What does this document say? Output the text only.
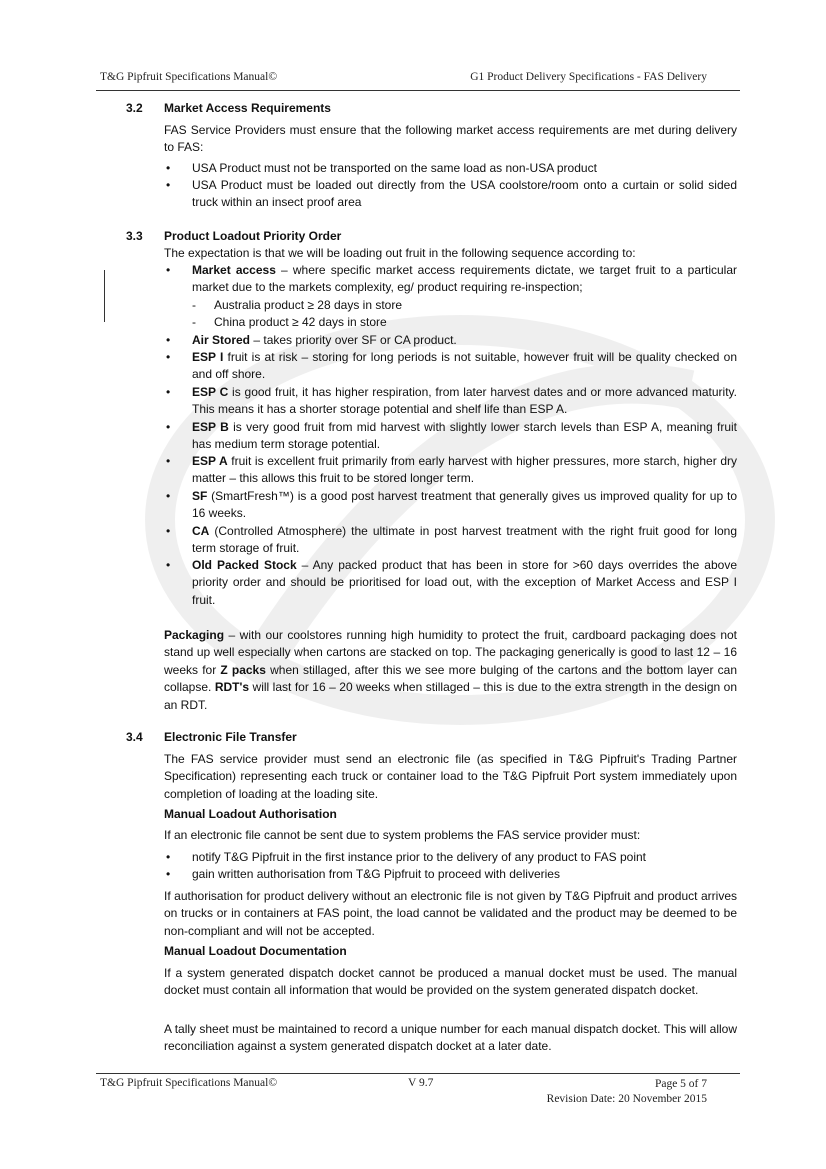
T&G Pipfruit Specifications Manual©	G1 Product Delivery Specifications - FAS Delivery
3.2 Market Access Requirements
FAS Service Providers must ensure that the following market access requirements are met during delivery to FAS:
• USA Product must not be transported on the same load as non-USA product
• USA Product must be loaded out directly from the USA coolstore/room onto a curtain or solid sided truck within an insect proof area
3.3 Product Loadout Priority Order
The expectation is that we will be loading out fruit in the following sequence according to:
• Market access – where specific market access requirements dictate, we target fruit to a particular market due to the markets complexity, eg/ product requiring re-inspection;
- Australia product ≥ 28 days in store
- China product ≥ 42 days in store
• Air Stored – takes priority over SF or CA product.
• ESP I fruit is at risk – storing for long periods is not suitable, however fruit will be quality checked on and off shore.
• ESP C is good fruit, it has higher respiration, from later harvest dates and or more advanced maturity. This means it has a shorter storage potential and shelf life than ESP A.
• ESP B is very good fruit from mid harvest with slightly lower starch levels than ESP A, meaning fruit has medium term storage potential.
• ESP A fruit is excellent fruit primarily from early harvest with higher pressures, more starch, higher dry matter – this allows this fruit to be stored longer term.
• SF (SmartFresh™) is a good post harvest treatment that generally gives us improved quality for up to 16 weeks.
• CA (Controlled Atmosphere) the ultimate in post harvest treatment with the right fruit good for long term storage of fruit.
• Old Packed Stock – Any packed product that has been in store for >60 days overrides the above priority order and should be prioritised for load out, with the exception of Market Access and ESP I fruit.
Packaging – with our coolstores running high humidity to protect the fruit, cardboard packaging does not stand up well especially when cartons are stacked on top. The packaging generically is good to last 12 – 16 weeks for Z packs when stillaged, after this we see more bulging of the cartons and the bottom layer can collapse. RDT's will last for 16 – 20 weeks when stillaged – this is due to the extra strength in the design on an RDT.
3.4 Electronic File Transfer
The FAS service provider must send an electronic file (as specified in T&G Pipfruit's Trading Partner Specification) representing each truck or container load to the T&G Pipfruit Port system immediately upon completion of loading at the loading site.
Manual Loadout Authorisation
If an electronic file cannot be sent due to system problems the FAS service provider must:
• notify T&G Pipfruit in the first instance prior to the delivery of any product to FAS point
• gain written authorisation from T&G Pipfruit to proceed with deliveries
If authorisation for product delivery without an electronic file is not given by T&G Pipfruit and product arrives on trucks or in containers at FAS point, the load cannot be validated and the product may be deemed to be non-compliant and will not be accepted.
Manual Loadout Documentation
If a system generated dispatch docket cannot be produced a manual docket must be used. The manual docket must contain all information that would be provided on the system generated dispatch docket.
A tally sheet must be maintained to record a unique number for each manual dispatch docket. This will allow reconciliation against a system generated dispatch docket at a later date.
T&G Pipfruit Specifications Manual©	V 9.7	Page 5 of 7
Revision Date: 20 November 2015
